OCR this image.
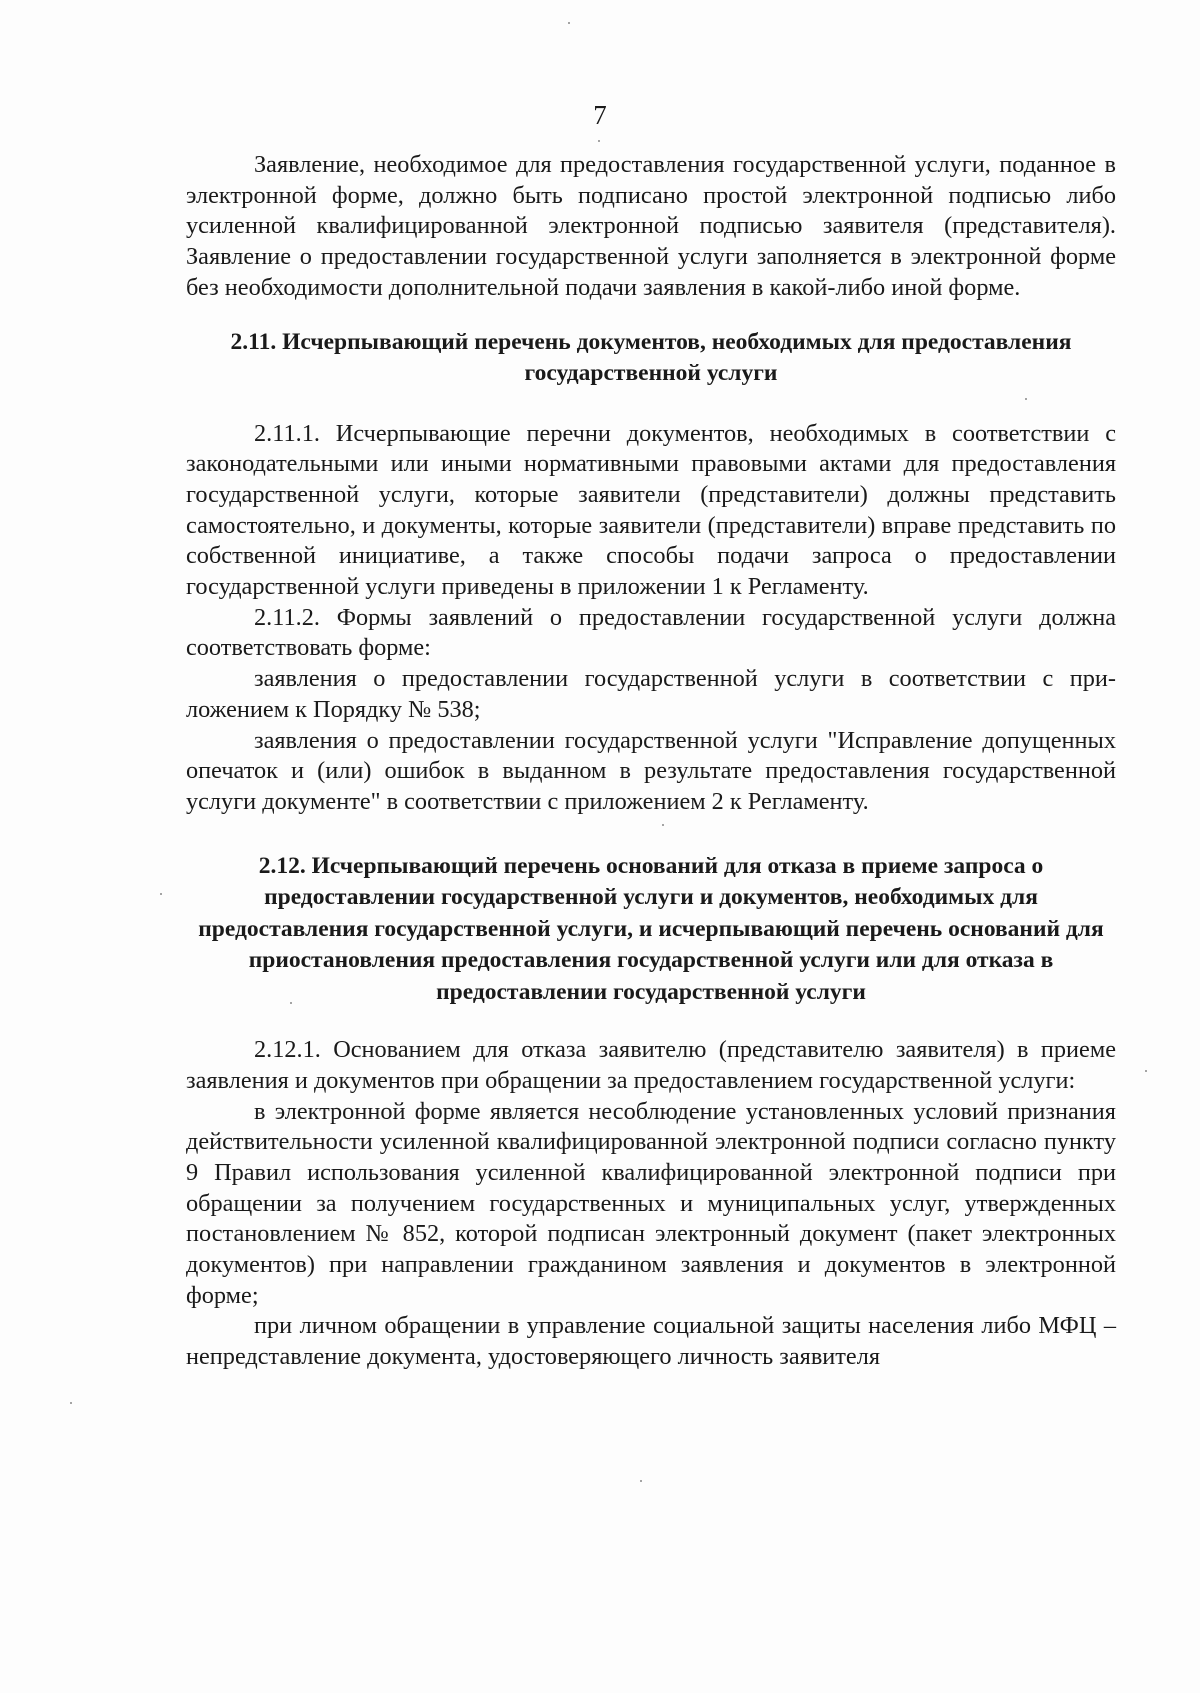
7

Заявление, необходимое для предоставления государственной услуги, поданное в электронной форме, должно быть подписано простой электронной подписью либо усиленной квалифицированной электронной подписью заявителя (представителя). Заявление о предоставлении государственной услуги заполняется в электронной форме без необходимости дополнительной подачи заявления в какой-либо иной форме.

2.11. Исчерпывающий перечень документов, необходимых для предоставления государственной услуги

2.11.1. Исчерпывающие перечни документов, необходимых в соответствии с законодательными или иными нормативными правовыми актами для предоставления государственной услуги, которые заявители (представители) должны представить самостоятельно, и документы, которые заявители (представители) вправе представить по собственной инициативе, а также способы подачи запроса о предоставлении государственной услуги приведены в приложении 1 к Регламенту.

2.11.2. Формы заявлений о предоставлении государственной услуги должна соответствовать форме:

заявления о предоставлении государственной услуги в соответствии с приложением к Порядку № 538;

заявления о предоставлении государственной услуги "Исправление допущенных опечаток и (или) ошибок в выданном в результате предоставления государственной услуги документе" в соответствии с приложением 2 к Регламенту.

2.12. Исчерпывающий перечень оснований для отказа в приеме запроса о предоставлении государственной услуги и документов, необходимых для предоставления государственной услуги, и исчерпывающий перечень оснований для приостановления предоставления государственной услуги или для отказа в предоставлении государственной услуги

2.12.1. Основанием для отказа заявителю (представителю заявителя) в приеме заявления и документов при обращении за предоставлением государственной услуги:

в электронной форме является несоблюдение установленных условий признания действительности усиленной квалифицированной электронной подписи согласно пункту 9 Правил использования усиленной квалифицированной электронной подписи при обращении за получением государственных и муниципальных услуг, утвержденных постановлением № 852, которой подписан электронный документ (пакет электронных документов) при направлении гражданином заявления и документов в электронной форме;

при личном обращении в управление социальной защиты населения либо МФЦ – непредставление документа, удостоверяющего личность заявителя
